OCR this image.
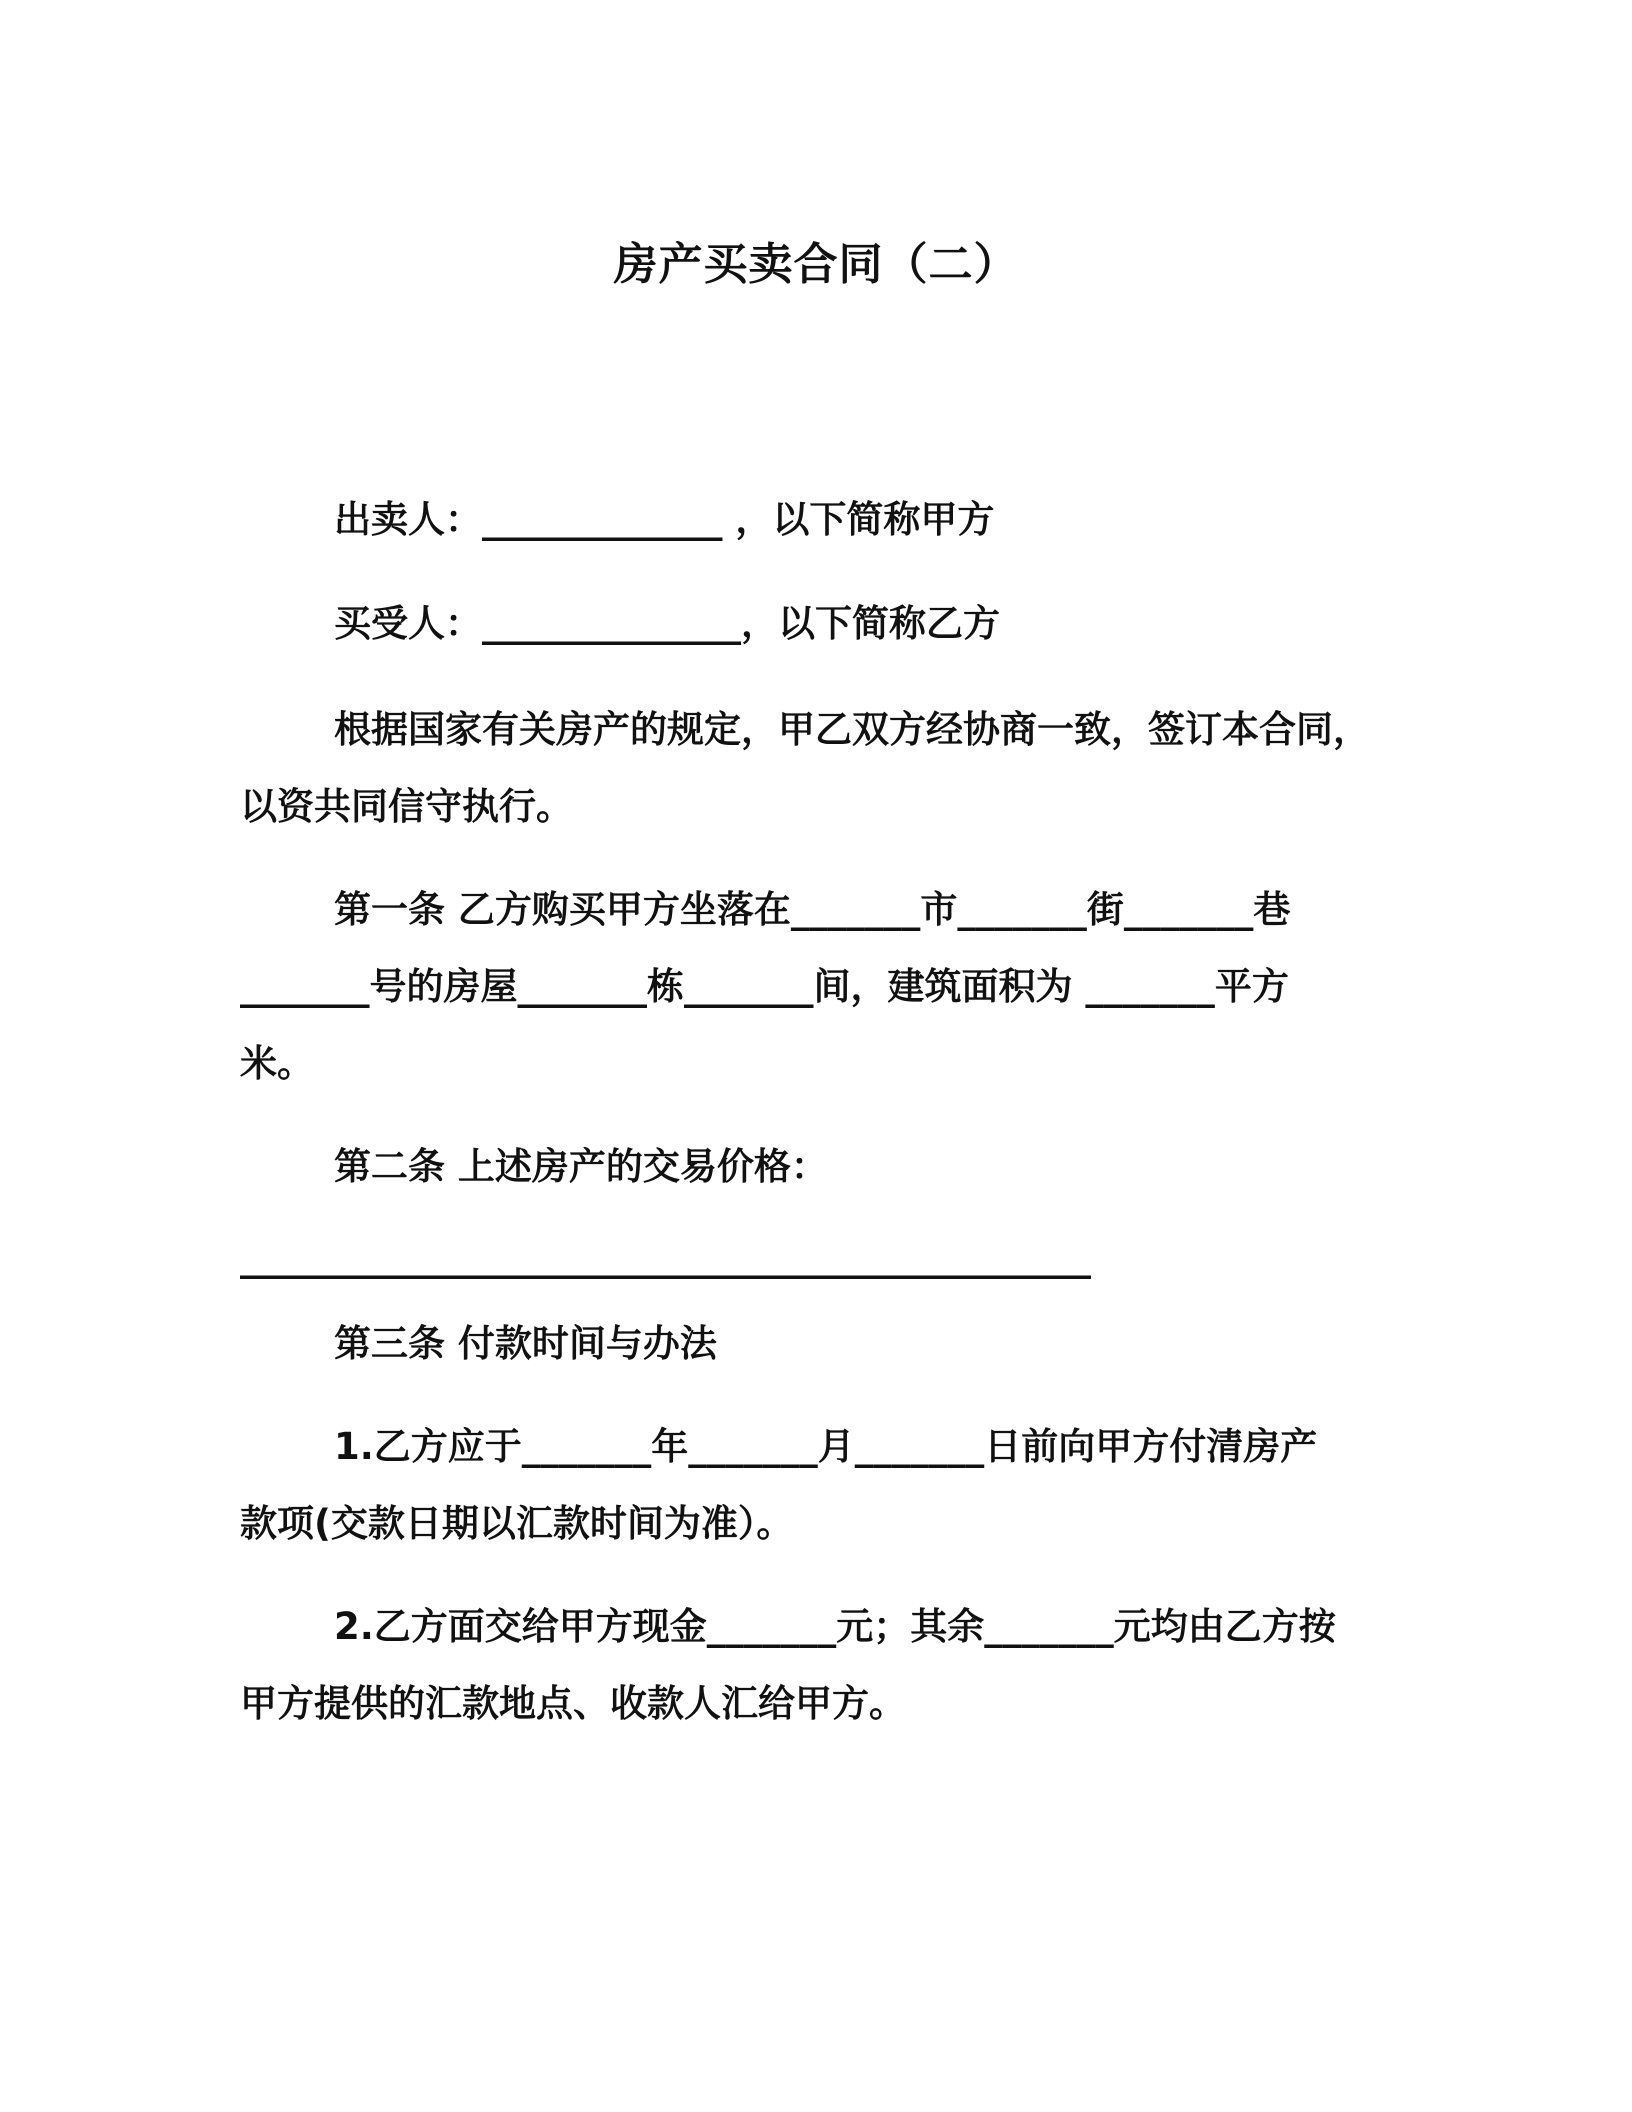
房产买卖合同（二）
出卖人：_____________ ，以下简称甲方
买受人：______________，以下简称乙方
根据国家有关房产的规定，甲乙双方经协商一致，签订本合同，
以资共同信守执行。
第一条 乙方购买甲方坐落在_______市_______街_______巷
_______号的房屋_______栋_______间，建筑面积为 _______平方
米。
第二条 上述房产的交易价格：
______________________________________________
第三条 付款时间与办法
1.乙方应于_______年_______月_______日前向甲方付清房产
款项(交款日期以汇款时间为准）。
2.乙方面交给甲方现金_______元；其余_______元均由乙方按
甲方提供的汇款地点、收款人汇给甲方。
